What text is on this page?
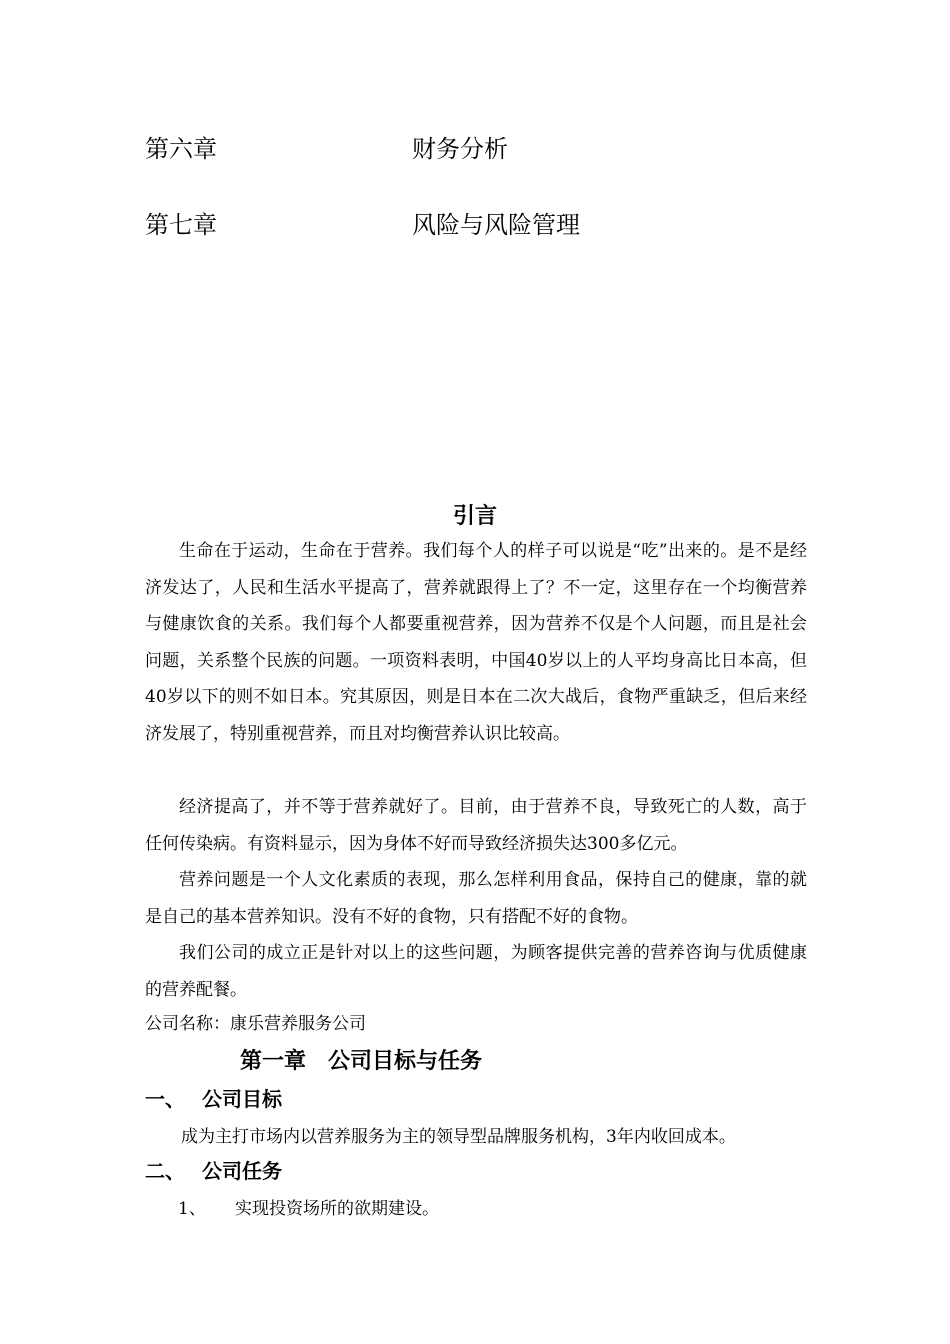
第六章	财务分析
第七章	风险与风险管理
引言
生命在于运动，生命在于营养。我们每个人的样子可以说是“吃”出来的。是不是经济发达了，人民和生活水平提高了，营养就跟得上了？不一定，这里存在一个均衡营养与健康饮食的关系。我们每个人都要重视营养，因为营养不仅是个人问题，而且是社会问题，关系整个民族的问题。一项资料表明，中国40岁以上的人平均身高比日本高，但40岁以下的则不如日本。究其原因，则是日本在二次大战后，食物严重缺乏，但后来经济发展了，特别重视营养，而且对均衡营养认识比较高。
经济提高了，并不等于营养就好了。目前，由于营养不良，导致死亡的人数，高于任何传染病。有资料显示，因为身体不好而导致经济损失达300多亿元。
营养问题是一个人文化素质的表现，那么怎样利用食品，保持自己的健康，靠的就是自己的基本营养知识。没有不好的食物，只有搭配不好的食物。
我们公司的成立正是针对以上的这些问题，为顾客提供完善的营养咨询与优质健康的营养配餐。
公司名称：康乐营养服务公司
第一章　公司目标与任务
一、 公司目标
成为主打市场内以营养服务为主的领导型品牌服务机构，3年内收回成本。
二、 公司任务
1、 实现投资场所的欲期建设。
